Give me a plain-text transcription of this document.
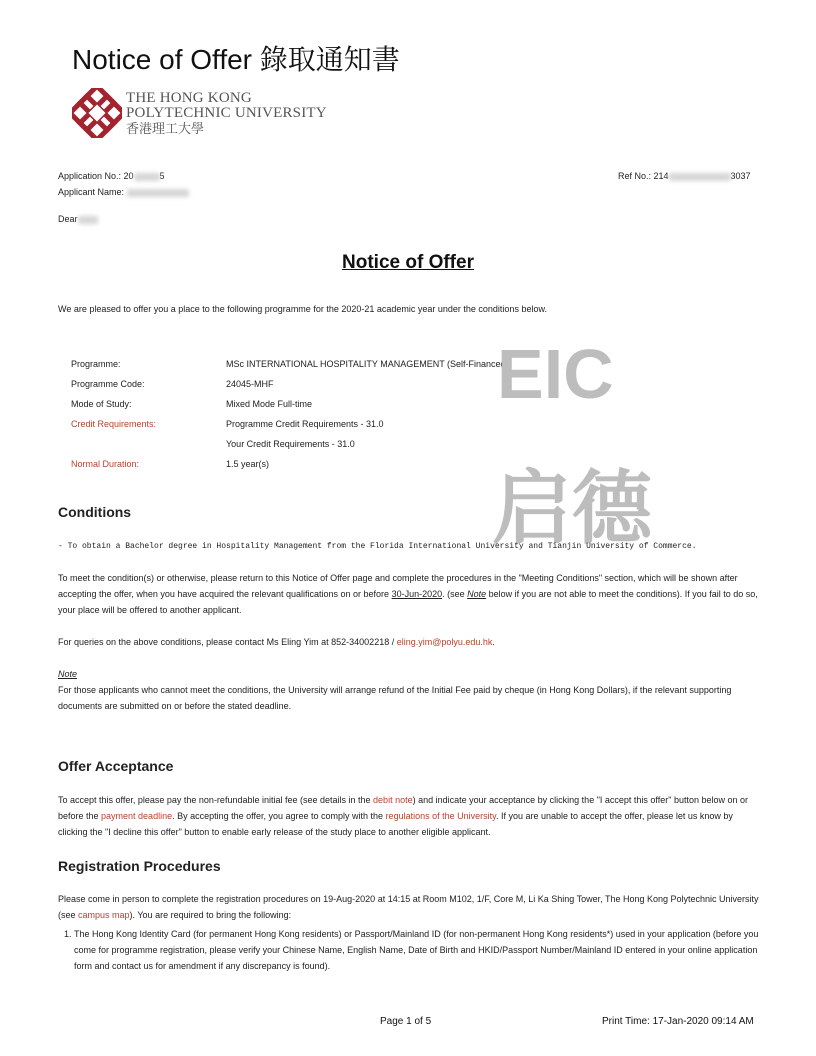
Notice of Offer 錄取通知書
THE HONG KONG
POLYTECHNIC UNIVERSITY
香港理工大學
Application No.: 20	5
Applicant Name:
Dear
Ref No.: 214	3037
Notice of Offer
We are pleased to offer you a place to the following programme for the 2020-21 academic year under the conditions below.
Programme:	MSc INTERNATIONAL HOSPITALITY MANAGEMENT (Self-Financed)
Programme Code:	24045-MHF
Mode of Study:	Mixed Mode Full-time
Credit Requirements:	Programme Credit Requirements - 31.0
Your Credit Requirements - 31.0
Normal Duration:	1.5 year(s)
EIC
启德
Conditions
- To obtain a Bachelor degree in Hospitality Management from the Florida International University and Tianjin University of Commerce.
To meet the condition(s) or otherwise, please return to this Notice of Offer page and complete the procedures in the "Meeting Conditions" section, which will be shown after accepting the offer, when you have acquired the relevant qualifications on or before 30-Jun-2020. (see Note below if you are not able to meet the conditions). If you fail to do so, your place will be offered to another applicant.
For queries on the above conditions, please contact Ms Eling Yim at 852-34002218 / eling.yim@polyu.edu.hk.
Note
For those applicants who cannot meet the conditions, the University will arrange refund of the Initial Fee paid by cheque (in Hong Kong Dollars), if the relevant supporting documents are submitted on or before the stated deadline.
Offer Acceptance
To accept this offer, please pay the non-refundable initial fee (see details in the debit note) and indicate your acceptance by clicking the "I accept this offer" button below on or before the payment deadline. By accepting the offer, you agree to comply with the regulations of the University. If you are unable to accept the offer, please let us know by clicking the "I decline this offer" button to enable early release of the study place to another eligible applicant.
Registration Procedures
Please come in person to complete the registration procedures on 19-Aug-2020 at 14:15 at Room M102, 1/F, Core M, Li Ka Shing Tower, The Hong Kong Polytechnic University (see campus map). You are required to bring the following:
1. The Hong Kong Identity Card (for permanent Hong Kong residents) or Passport/Mainland ID (for non-permanent Hong Kong residents*) used in your application (before you come for programme registration, please verify your Chinese Name, English Name, Date of Birth and HKID/Passport Number/Mainland ID entered in your online application form and contact us for amendment if any discrepancy is found).
Page 1 of 5	Print Time: 17-Jan-2020 09:14 AM
